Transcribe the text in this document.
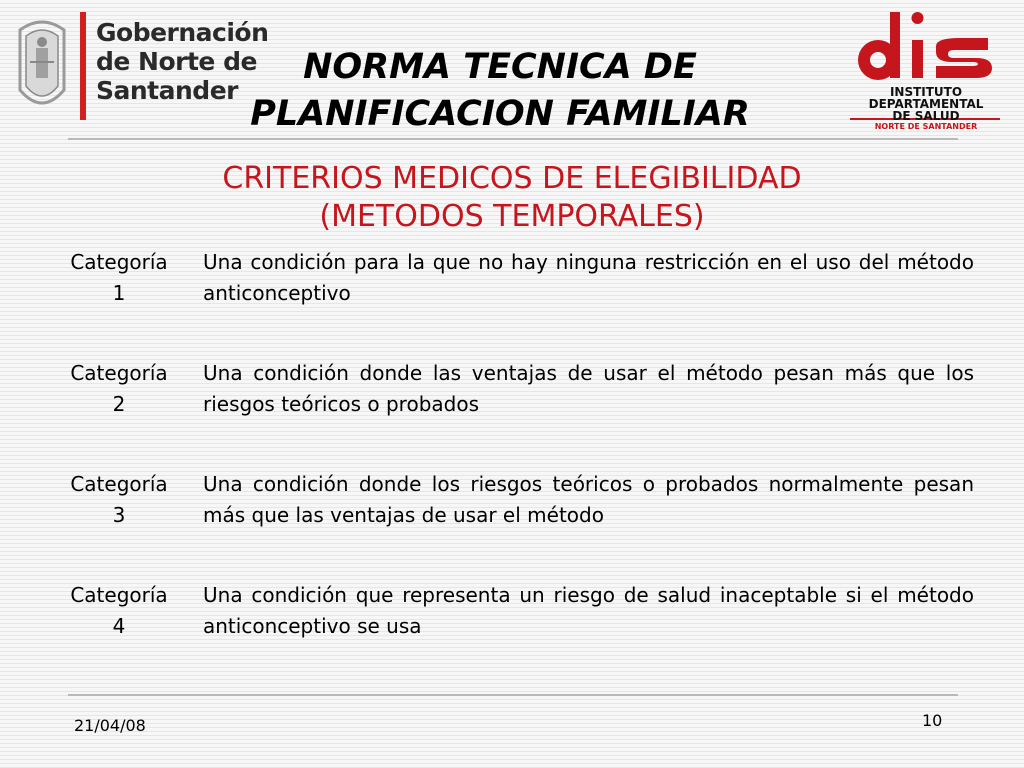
Gobernación
de Norte de
Santander
NORMA TECNICA DE
PLANIFICACION FAMILIAR
INSTITUTO
DEPARTAMENTAL
DE SALUD
NORTE DE SANTANDER
CRITERIOS MEDICOS DE ELEGIBILIDAD
(METODOS TEMPORALES)
Categoría
1
Una condición para la que no hay ninguna restricción en el uso del método anticonceptivo
Categoría
2
Una condición donde las ventajas de usar el método pesan más que los riesgos teóricos o probados
Categoría
3
Una condición donde los riesgos teóricos o probados normalmente pesan más que las ventajas de usar el método
Categoría
4
Una condición que representa un riesgo de salud inaceptable si el método anticonceptivo se usa
21/04/08	10
